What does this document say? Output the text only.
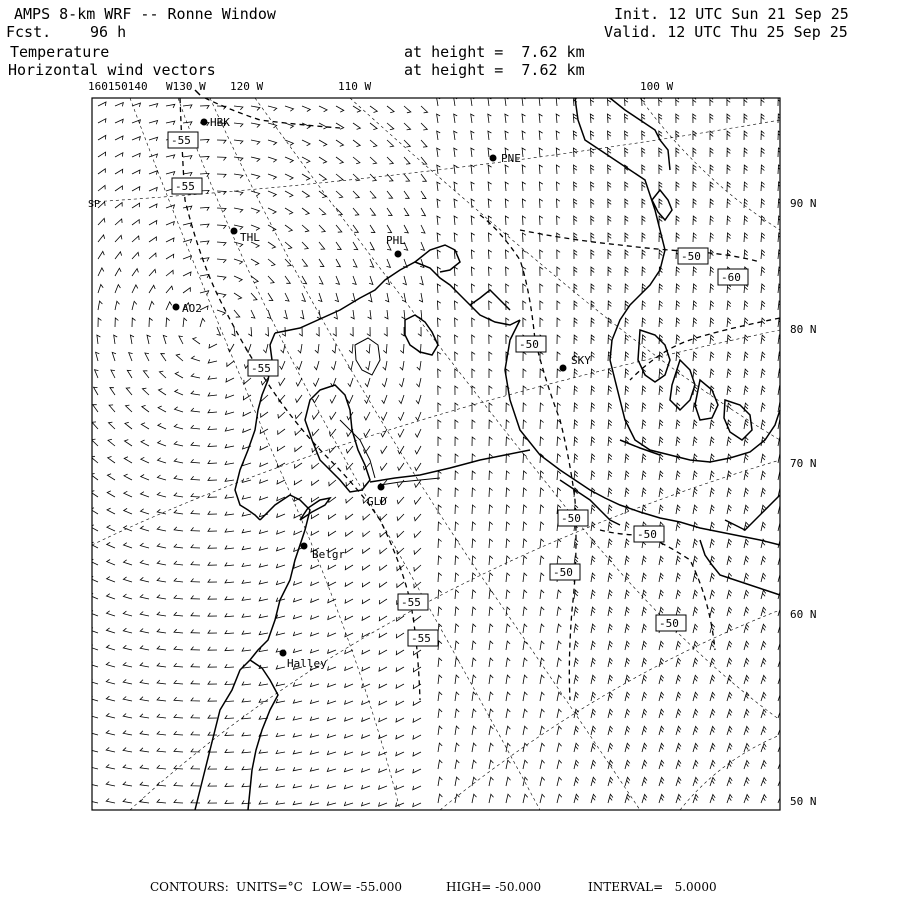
AMPS 8-km WRF -- Ronne Window
Fcst.	96 h
Temperature
Horizontal wind vectors
at height =  7.62 km
at height =  7.62 km
Init. 12 UTC Sun 21 Sep 25
Valid. 12 UTC Thu 25 Sep 25
-55
-55
-55
-50
-50
-60
-50
-50
-50
-55
-55
-50
HBK
PNE
THL	PHL
AO2
SKY
GLD
Belgr
Halley
160150140 W130 W 120 W	110 W	100 W
90 N
80 N
70 N
60 N
50 N
SP
CONTOURS: UNITS=°C LOW= -55.000	HIGH= -50.000	INTERVAL=   5.0000
